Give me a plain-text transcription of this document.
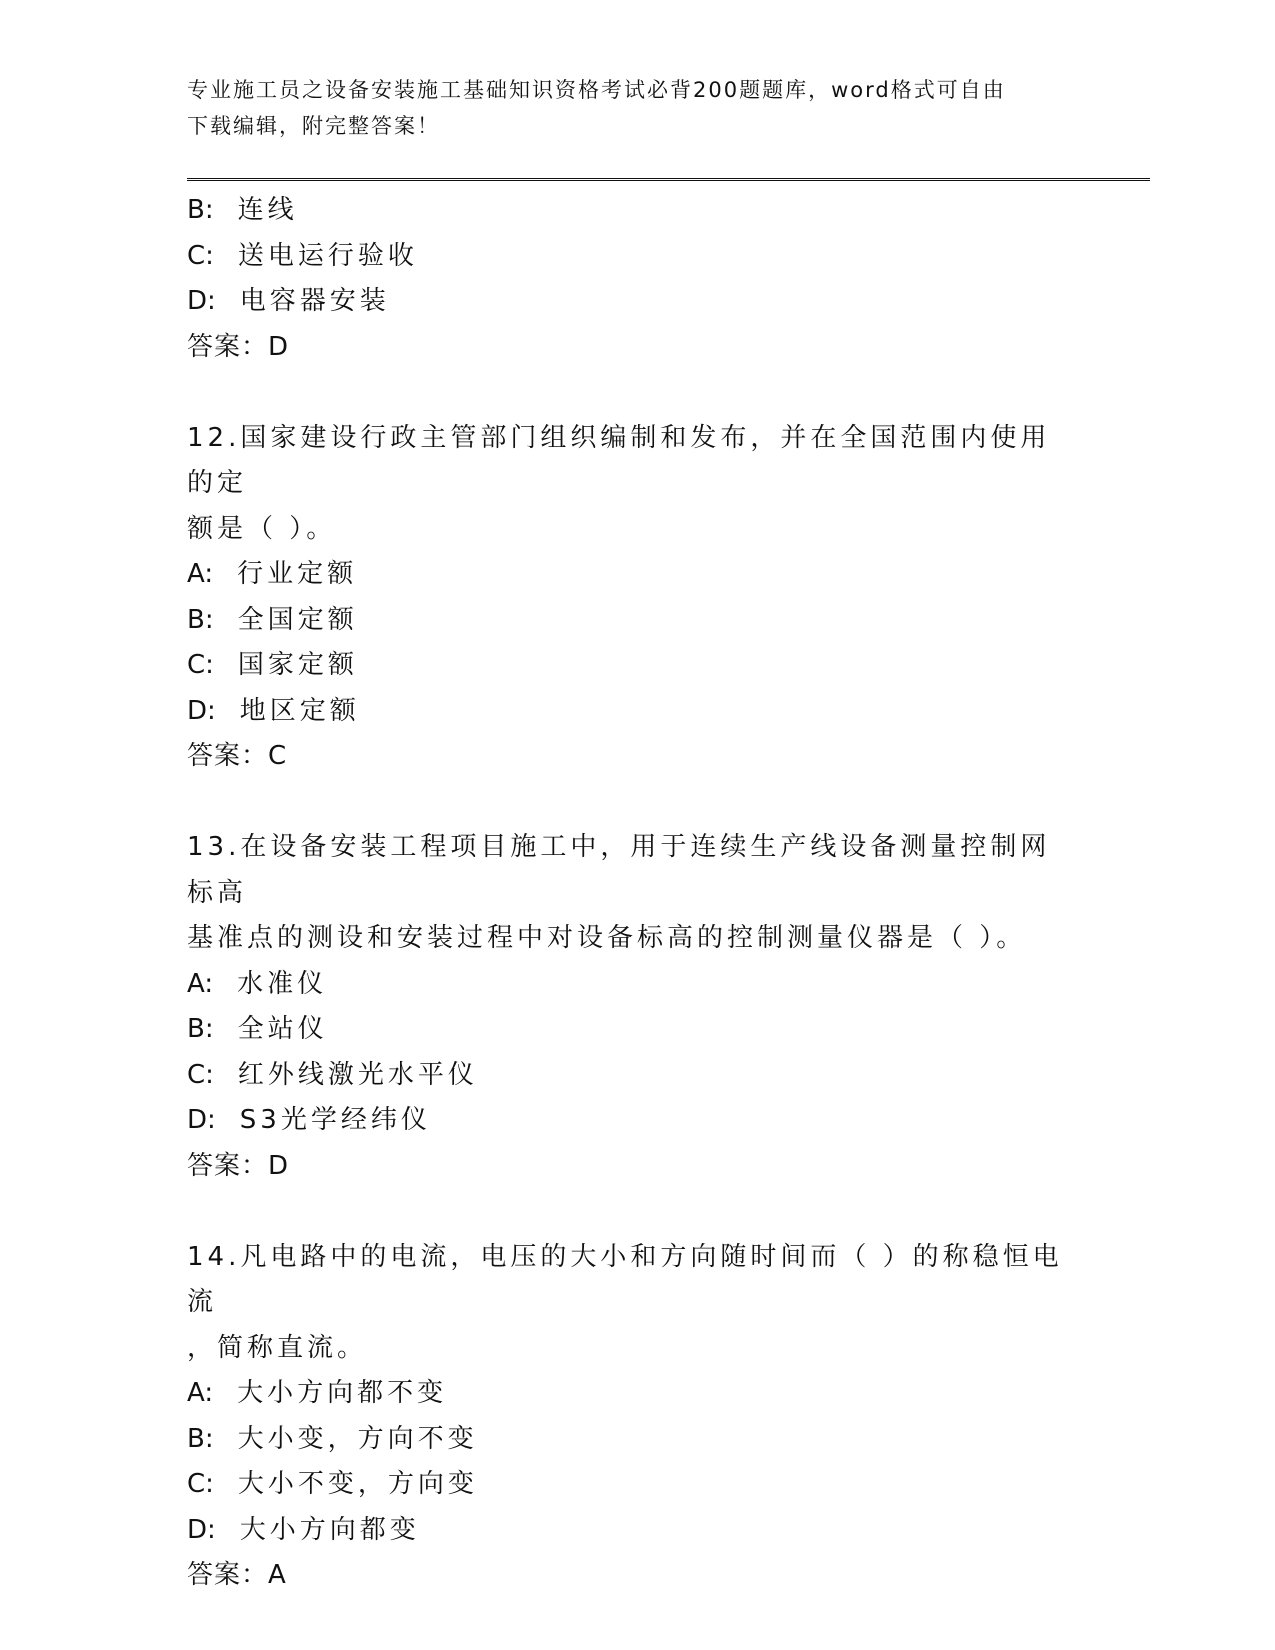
专业施工员之设备安装施工基础知识资格考试必背200题题库，word格式可自由
下载编辑，附完整答案！
B: 连线
C: 送电运行验收
D: 电容器安装
答案：D
12.国家建设行政主管部门组织编制和发布，并在全国范围内使用的定
额是（ ）。
A: 行业定额
B: 全国定额
C: 国家定额
D: 地区定额
答案：C
13.在设备安装工程项目施工中，用于连续生产线设备测量控制网标高
基准点的测设和安装过程中对设备标高的控制测量仪器是（ ）。
A: 水准仪
B: 全站仪
C: 红外线激光水平仪
D: S3光学经纬仪
答案：D
14.凡电路中的电流，电压的大小和方向随时间而（ ）的称稳恒电流
，简称直流。
A: 大小方向都不变
B: 大小变，方向不变
C: 大小不变，方向变
D: 大小方向都变
答案：A
